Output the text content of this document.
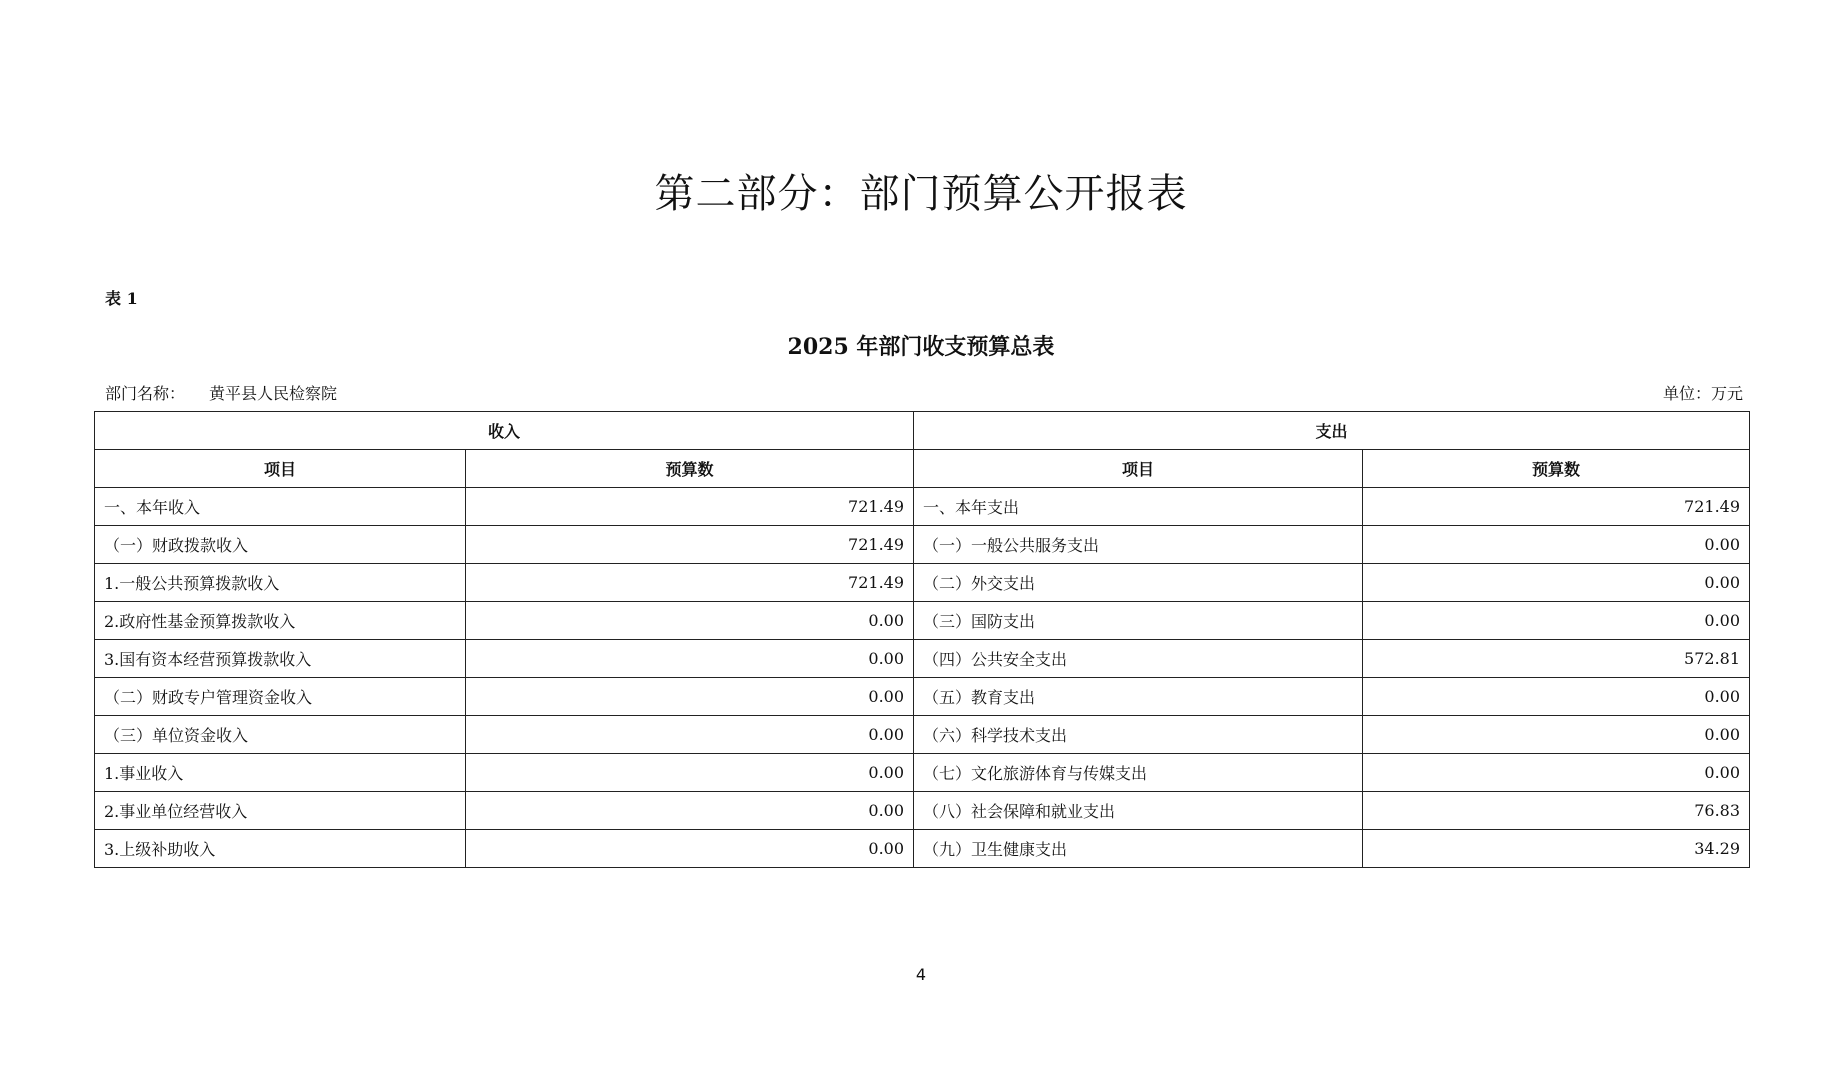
第二部分：部门预算公开报表
表 1
2025 年部门收支预算总表
部门名称： 黄平县人民检察院	单位：万元
收入		支出	
项目	预算数	项目	预算数
一、本年收入	721.49	一、本年支出	721.49
（一）财政拨款收入	721.49	（一）一般公共服务支出	0.00
1.一般公共预算拨款收入	721.49	（二）外交支出	0.00
2.政府性基金预算拨款收入	0.00	（三）国防支出	0.00
3.国有资本经营预算拨款收入	0.00	（四）公共安全支出	572.81
（二）财政专户管理资金收入	0.00	（五）教育支出	0.00
（三）单位资金收入	0.00	（六）科学技术支出	0.00
1.事业收入	0.00	（七）文化旅游体育与传媒支出	0.00
2.事业单位经营收入	0.00	（八）社会保障和就业支出	76.83
3.上级补助收入	0.00	（九）卫生健康支出	34.29
4
